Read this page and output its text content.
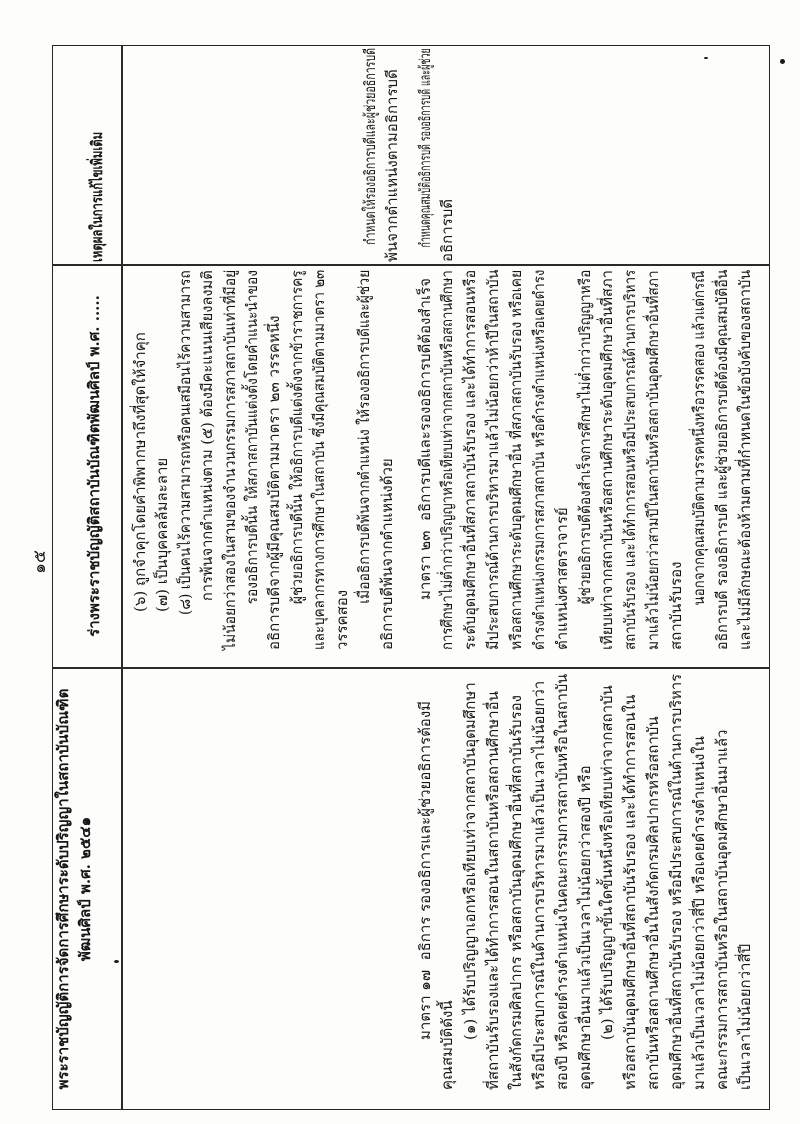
๑๕
พระราชบัญญัติการจัดการศึกษาระดับปริญญาในสถาบันบัณฑิต พัฒนศิลป์ พ.ศ. ๒๕๔๑
ร่างพระราชบัญญัติสถาบันบัณฑิตพัฒนศิลป์ พ.ศ. .....
เหตุผลในการแก้ไขเพิ่มเติม
มาตรา ๑๗  อธิการ รองอธิการและผู้ช่วยอธิการต้องมี
คุณสมบัติดังนี้
(๑) ได้รับปริญญาเอกหรือเทียบเท่าจากสถาบันอุดมศึกษา ที่สถาบันรับรองและได้ทำการสอนในสถาบันหรือสถานศึกษาอื่น ในสังกัดกรมศิลปากร หรือสถาบันอุดมศึกษาอื่นที่สถาบันรับรอง หรือมีประสบการณ์ในด้านการบริหารมาแล้วเป็นเวลาไม่น้อยกว่า สองปี หรือเคยดำรงตำแหน่งในคณะกรรมการสถาบันหรือในสถาบัน อุดมศึกษาอื่นมาแล้วเป็นเวลาไม่น้อยกว่าสองปี หรือ (๒) ได้รับปริญญาขั้นใดขั้นหนึ่งหรือเทียบเท่าจากสถาบัน หรือสถาบันอุดมศึกษาอื่นที่สถาบันรับรอง และได้ทำการสอนใน สถาบันหรือสถานศึกษาอื่นในสังกัดกรมศิลปากรหรือสถาบัน อุดมศึกษาอื่นที่สถาบันรับรอง หรือมีประสบการณ์ในด้านการบริหาร มาแล้วเป็นเวลาไม่น้อยกว่าสี่ปี หรือเคยดำรงตำแหน่งใน คณะกรรมการสถาบันหรือในสถาบันอุดมศึกษาอื่นมาแล้ว เป็นเวลาไม่น้อยกว่าสี่ปี
(๖) ถูกจำคุกโดยคำพิพากษาถึงที่สุดให้จำคุก (๗) เป็นบุคคลล้มละลาย (๘) เป็นคนไร้ความสามารถหรือคนเสมือนไร้ความสามารถ การพ้นจากตำแหน่งตาม (๕) ต้องมีคะแนนเสียงลงมติ ไม่น้อยกว่าสองในสามของจำนวนกรรมการสภาสถาบันเท่าที่มีอยู่ รองอธิการบดีนั้น ให้สภาสถาบันแต่งตั้งโดยคำแนะนำของ อธิการบดีจากผู้มีคุณสมบัติตามมาตรา ๒๓ วรรคหนึ่ง ผู้ช่วยอธิการบดีนั้น ให้อธิการบดีแต่งตั้งจากข้าราชการครู และบุคลากรทางการศึกษาในสถาบัน ซึ่งมีคุณสมบัติตามมาตรา ๒๓ วรรคสอง
เมื่ออธิการบดีพ้นจากตำแหน่ง ให้รองอธิการบดีและผู้ช่วย อธิการบดีพ้นจากตำแหน่งด้วย มาตรา ๒๓  อธิการบดีและรองอธิการบดีต้องสำเร็จ การศึกษาไม่ต่ำกว่าปริญญาหรือเทียบเท่าจากสถาบันหรือสถานศึกษา ระดับอุดมศึกษาอื่นที่สภาสถาบันรับรอง และได้ทำการสอนหรือ มีประสบการณ์ด้านการบริหารมาแล้วไม่น้อยกว่าห้าปีในสถาบัน หรือสถานศึกษาระดับอุดมศึกษาอื่น ที่สภาสถาบันรับรอง หรือเคย ดำรงตำแหน่งกรรมการสภาสถาบัน หรือดำรงตำแหน่งหรือเคยดำรง ตำแหน่งศาสตราจารย์ ผู้ช่วยอธิการบดีต้องสำเร็จการศึกษาไม่ต่ำกว่าปริญญาหรือ เทียบเท่าจากสถาบันหรือสถานศึกษาระดับอุดมศึกษาอื่นที่สภา สถาบันรับรอง และได้ทำการสอนหรือมีประสบการณ์ด้านการบริหาร มาแล้วไม่น้อยกว่าสามปีในสถาบันหรือสถาบันอุดมศึกษาอื่นที่สภา สถาบันรับรอง
นอกจากคุณสมบัติตามวรรคหนึ่งหรือวรรคสอง แล้วแต่กรณี อธิการบดี รองอธิการบดี และผู้ช่วยอธิการบดีต้องมีคุณสมบัติอื่น และไม่มีลักษณะต้องห้ามตามที่กำหนดในข้อบังคับของสถาบัน
กำหนดให้รองอธิการบดีและผู้ช่วยอธิการบดี พ้นจากตำแหน่งตามอธิการบดี กำหนดคุณสมบัติอธิการบดี รองอธิการบดี และผู้ช่วย อธิการบดี
